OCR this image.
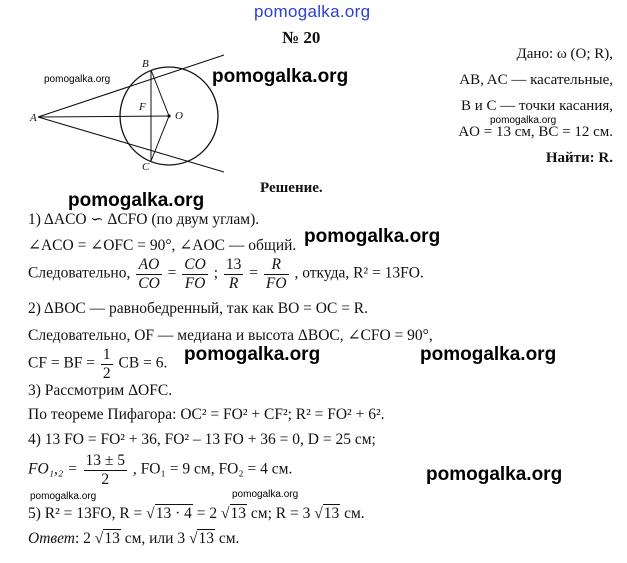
pomogalka.org
№ 20
A
B
C
F
O
pomogalka.org	pomogalka.org
Дано: ω (O; R),
AB, AC — касательные,
B и C — точки касания,
pomogalka.org
AO = 13 см, BC = 12 см.
Найти: R.
Решение.
pomogalka.org
1) ΔACO ∽ ΔCFO (по двум углам).
∠ACO = ∠OFC = 90°, ∠AOC — общий. pomogalka.org
Следовательно, $\frac{AO}{CO} = \frac{CO}{FO}$ ; $\frac{13}{R} = \frac{R}{FO}$ , откуда, R² = 13FO.
2) ΔBOC — равнобедренный, так как BO = OC = R.
Следовательно, OF — медиана и высота ΔBOC, ∠CFO = 90°,
CF = BF = $\frac{1}{2}$ CB = 6. pomogalka.org	pomogalka.org
3) Рассмотрим ΔOFC.
По теореме Пифагора: OC² = FO² + CF²; R² = FO² + 6².
4) 13 FO = FO² + 36, FO² – 13 FO + 36 = 0, D = 25 см;
$FO_1,_2 = \frac{13 \pm 5}{2}$ , FO₁ = 9 см, FO₂ = 4 см.	pomogalka.org
pomogalka.org	pomogalka.org
5) R² = 13FO, R = √13 · 4 = 2 √13 см; R = 3 √13 см.
Ответ: 2 √13 см, или 3 √13 см.
